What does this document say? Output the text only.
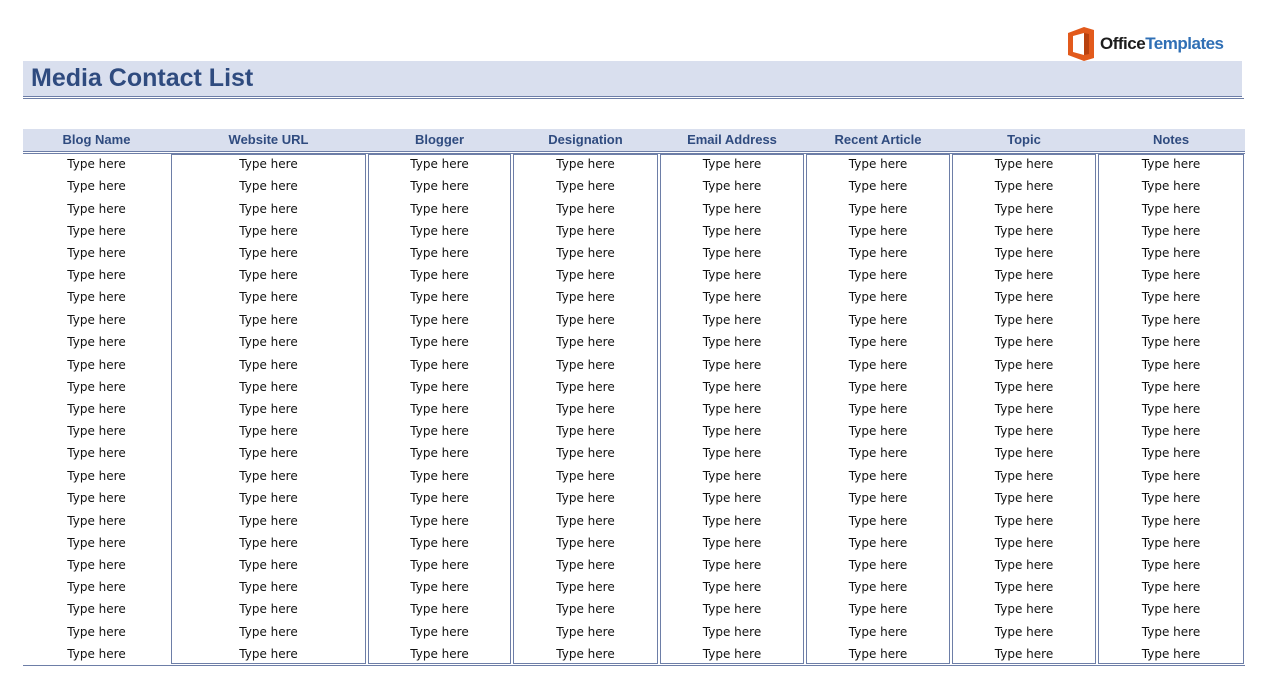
OfficeTemplates
Media Contact List
Blog Name	Website URL	Blogger	Designation	Email Address	Recent Article	Topic	Notes
Type here	Type here	Type here	Type here	Type here	Type here	Type here	Type here
Type here	Type here	Type here	Type here	Type here	Type here	Type here	Type here
Type here	Type here	Type here	Type here	Type here	Type here	Type here	Type here
Type here	Type here	Type here	Type here	Type here	Type here	Type here	Type here
Type here	Type here	Type here	Type here	Type here	Type here	Type here	Type here
Type here	Type here	Type here	Type here	Type here	Type here	Type here	Type here
Type here	Type here	Type here	Type here	Type here	Type here	Type here	Type here
Type here	Type here	Type here	Type here	Type here	Type here	Type here	Type here
Type here	Type here	Type here	Type here	Type here	Type here	Type here	Type here
Type here	Type here	Type here	Type here	Type here	Type here	Type here	Type here
Type here	Type here	Type here	Type here	Type here	Type here	Type here	Type here
Type here	Type here	Type here	Type here	Type here	Type here	Type here	Type here
Type here	Type here	Type here	Type here	Type here	Type here	Type here	Type here
Type here	Type here	Type here	Type here	Type here	Type here	Type here	Type here
Type here	Type here	Type here	Type here	Type here	Type here	Type here	Type here
Type here	Type here	Type here	Type here	Type here	Type here	Type here	Type here
Type here	Type here	Type here	Type here	Type here	Type here	Type here	Type here
Type here	Type here	Type here	Type here	Type here	Type here	Type here	Type here
Type here	Type here	Type here	Type here	Type here	Type here	Type here	Type here
Type here	Type here	Type here	Type here	Type here	Type here	Type here	Type here
Type here	Type here	Type here	Type here	Type here	Type here	Type here	Type here
Type here	Type here	Type here	Type here	Type here	Type here	Type here	Type here
Type here	Type here	Type here	Type here	Type here	Type here	Type here	Type here
